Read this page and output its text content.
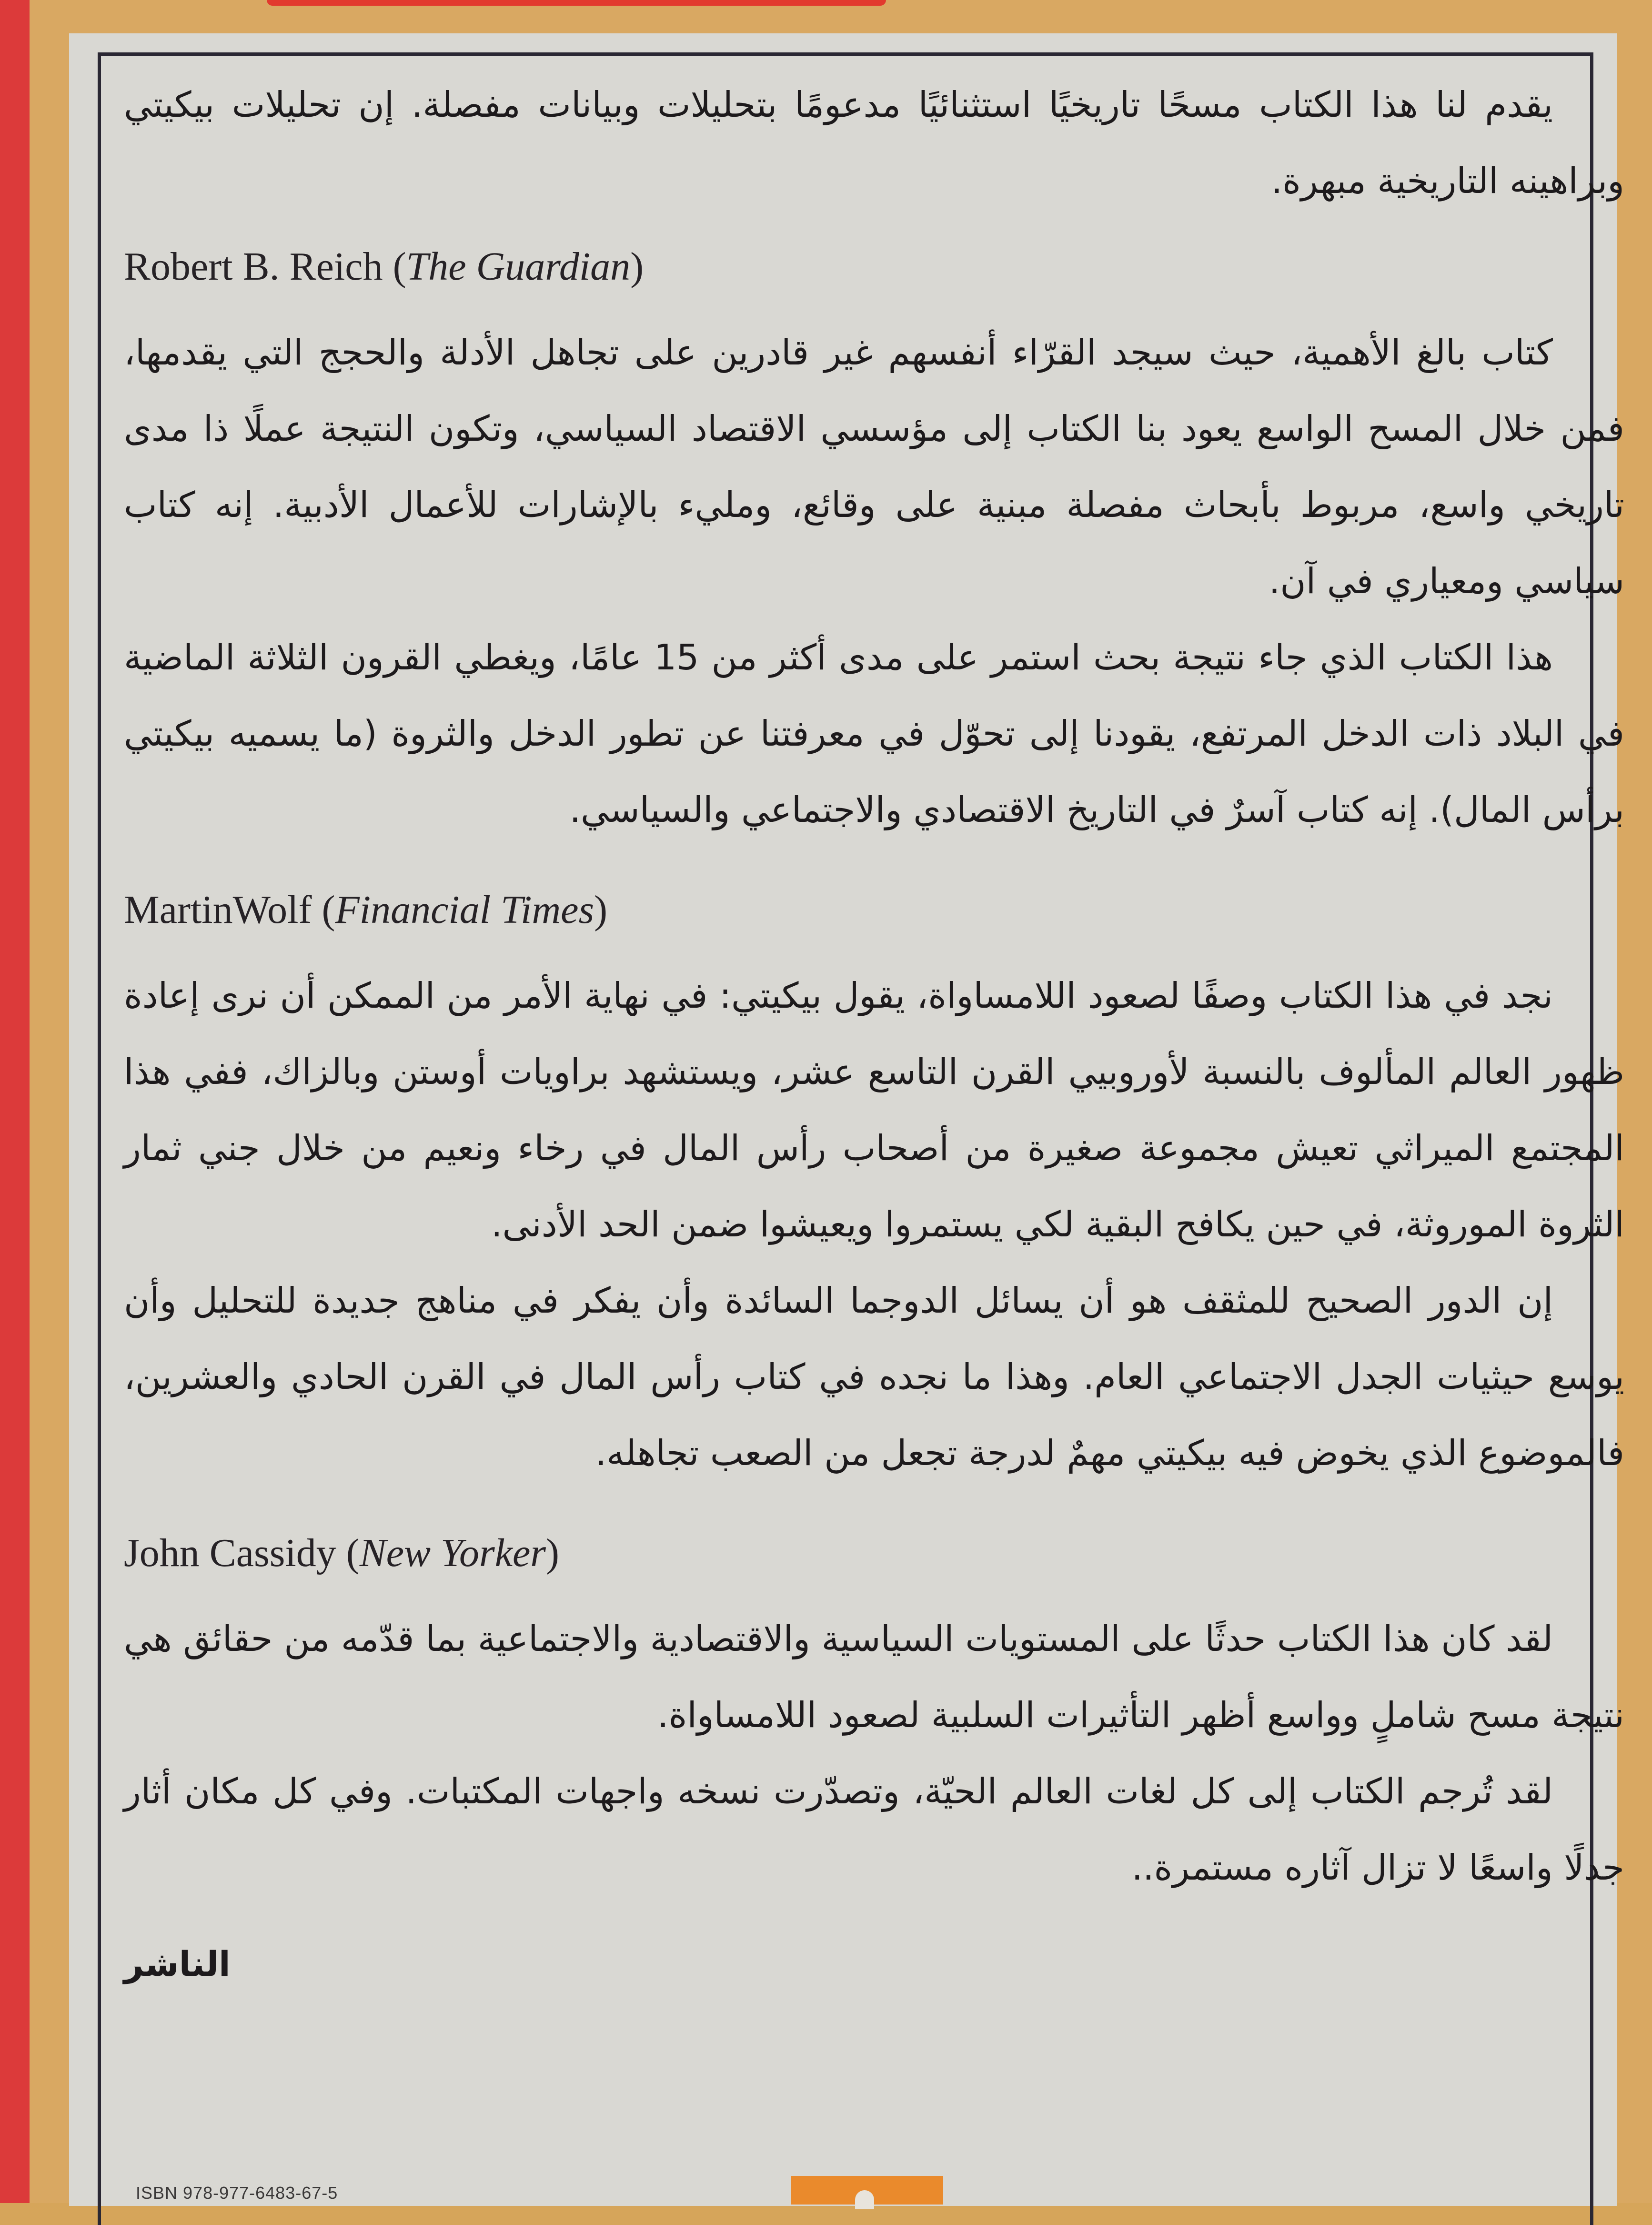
يقدم لنا هذا الكتاب مسحًا تاريخيًا استثنائيًا مدعومًا بتحليلات وبيانات مفصلة. إن تحليلات بيكيتي وبراهينه التاريخية مبهرة.

Robert B. Reich (The Guardian)

كتاب بالغ الأهمية، حيث سيجد القرّاء أنفسهم غير قادرين على تجاهل الأدلة والحجج التي يقدمها، فمن خلال المسح الواسع يعود بنا الكتاب إلى مؤسسي الاقتصاد السياسي، وتكون النتيجة عملًا ذا مدى تاريخي واسع، مربوط بأبحاث مفصلة مبنية على وقائع، ومليء بالإشارات للأعمال الأدبية. إنه كتاب سياسي ومعياري في آن.

هذا الكتاب الذي جاء نتيجة بحث استمر على مدى أكثر من 15 عامًا، ويغطي القرون الثلاثة الماضية في البلاد ذات الدخل المرتفع، يقودنا إلى تحوّل في معرفتنا عن تطور الدخل والثروة (ما يسميه بيكيتي برأس المال). إنه كتاب آسرٌ في التاريخ الاقتصادي والاجتماعي والسياسي.

MartinWolf (Financial Times)

نجد في هذا الكتاب وصفًا لصعود اللامساواة، يقول بيكيتي: في نهاية الأمر من الممكن أن نرى إعادة ظهور العالم المألوف بالنسبة لأوروبيي القرن التاسع عشر، ويستشهد براويات أوستن وبالزاك، ففي هذا المجتمع الميراثي تعيش مجموعة صغيرة من أصحاب رأس المال في رخاء ونعيم من خلال جني ثمار الثروة الموروثة، في حين يكافح البقية لكي يستمروا ويعيشوا ضمن الحد الأدنى.

إن الدور الصحيح للمثقف هو أن يسائل الدوجما السائدة وأن يفكر في مناهج جديدة للتحليل وأن يوسع حيثيات الجدل الاجتماعي العام. وهذا ما نجده في كتاب رأس المال في القرن الحادي والعشرين، فالموضوع الذي يخوض فيه بيكيتي مهمٌ لدرجة تجعل من الصعب تجاهله.

John Cassidy (New Yorker)

لقد كان هذا الكتاب حدثًا على المستويات السياسية والاقتصادية والاجتماعية بما قدّمه من حقائق هي نتيجة مسح شاملٍ وواسع أظهر التأثيرات السلبية لصعود اللامساواة.

لقد تُرجم الكتاب إلى كل لغات العالم الحيّة، وتصدّرت نسخه واجهات المكتبات. وفي كل مكان أثار جدلًا واسعًا لا تزال آثاره مستمرة..

الناشر
ISBN 978-977-6483-67-5
